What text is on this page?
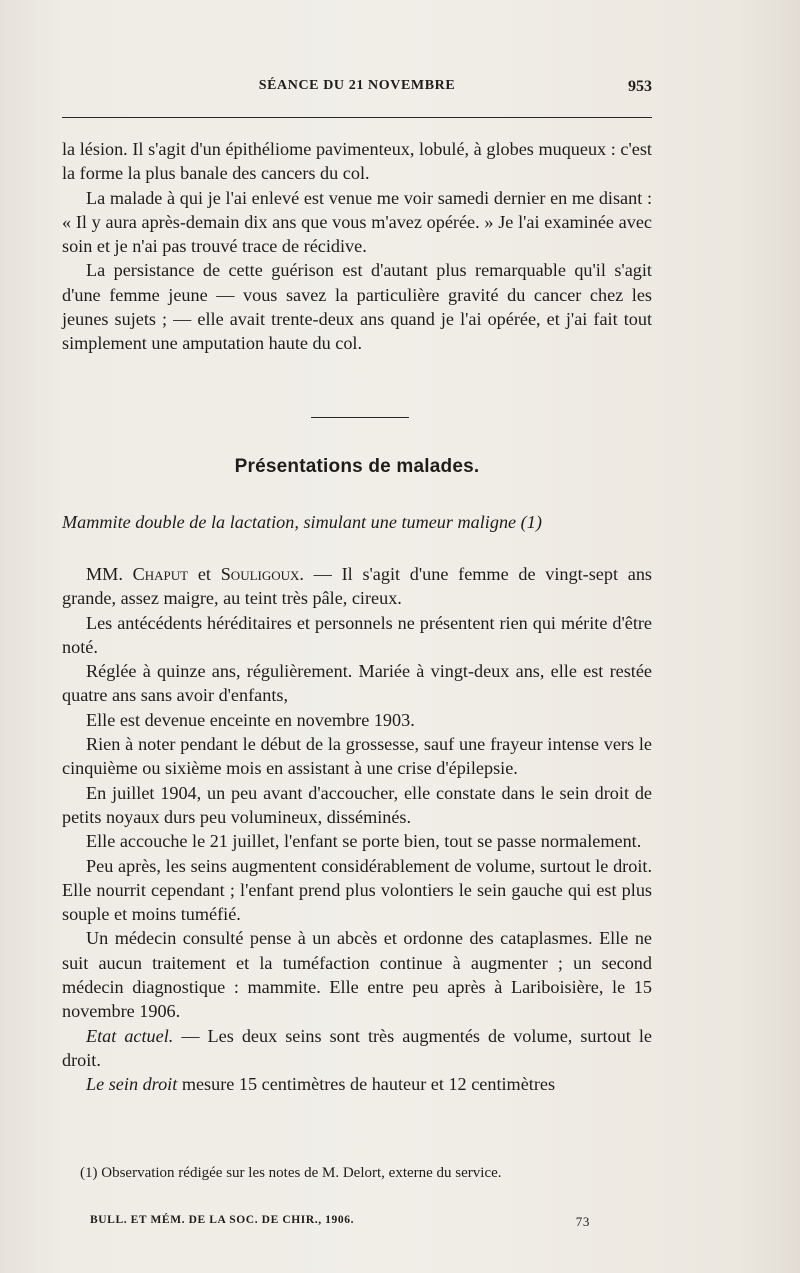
SÉANCE DU 21 NOVEMBRE	953

la lésion. Il s'agit d'un épithéliome pavimenteux, lobulé, à globes muqueux : c'est la forme la plus banale des cancers du col.

La malade à qui je l'ai enlevé est venue me voir samedi dernier en me disant : « Il y aura après-demain dix ans que vous m'avez opérée. » Je l'ai examinée avec soin et je n'ai pas trouvé trace de récidive.

La persistance de cette guérison est d'autant plus remarquable qu'il s'agit d'une femme jeune — vous savez la particulière gravité du cancer chez les jeunes sujets ; — elle avait trente-deux ans quand je l'ai opérée, et j'ai fait tout simplement une amputation haute du col.

Présentations de malades.
Mammite double de la lactation, simulant une tumeur maligne (1)

MM. Chaput et Souligoux. — Il s'agit d'une femme de vingt-sept ans grande, assez maigre, au teint très pâle, cireux.

Les antécédents héréditaires et personnels ne présentent rien qui mérite d'être noté.

Réglée à quinze ans, régulièrement. Mariée à vingt-deux ans, elle est restée quatre ans sans avoir d'enfants,

Elle est devenue enceinte en novembre 1903.

Rien à noter pendant le début de la grossesse, sauf une frayeur intense vers le cinquième ou sixième mois en assistant à une crise d'épilepsie.

En juillet 1904, un peu avant d'accoucher, elle constate dans le sein droit de petits noyaux durs peu volumineux, disséminés.

Elle accouche le 21 juillet, l'enfant se porte bien, tout se passe normalement.

Peu après, les seins augmentent considérablement de volume, surtout le droit. Elle nourrit cependant ; l'enfant prend plus volontiers le sein gauche qui est plus souple et moins tuméfié.

Un médecin consulté pense à un abcès et ordonne des cataplasmes. Elle ne suit aucun traitement et la tuméfaction continue à augmenter ; un second médecin diagnostique : mammite. Elle entre peu après à Lariboisière, le 15 novembre 1906.

Etat actuel. — Les deux seins sont très augmentés de volume, surtout le droit.

Le sein droit mesure 15 centimètres de hauteur et 12 centimètres

(1) Observation rédigée sur les notes de M. Delort, externe du service.
BULL. ET MÉM. DE LA SOC. DE CHIR., 1906.	73
